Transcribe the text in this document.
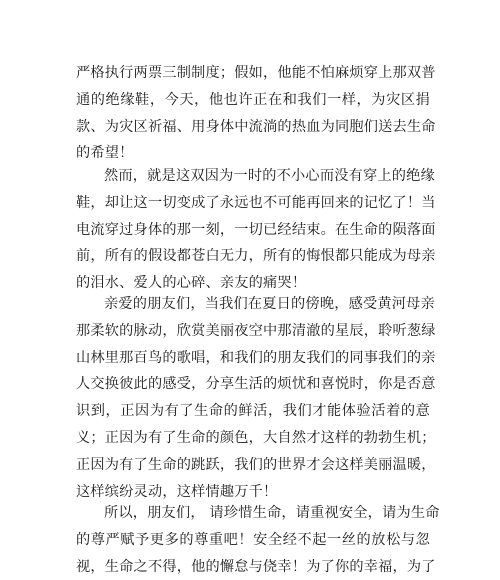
严格执行两票三制制度；假如，他能不怕麻烦穿上那双普
通的绝缘鞋，今天，他也许正在和我们一样，为灾区捐
款、为灾区祈福、用身体中流淌的热血为同胞们送去生命
的希望！
然而，就是这双因为一时的不小心而没有穿上的绝缘
鞋，却让这一切变成了永远也不可能再回来的记忆了！当
电流穿过身体的那一刻，一切已经结束。在生命的陨落面
前，所有的假设都苍白无力，所有的悔恨都只能成为母亲
的泪水、爱人的心碎、亲友的痛哭！
亲爱的朋友们，当我们在夏日的傍晚，感受黄河母亲
那柔软的脉动，欣赏美丽夜空中那清澈的星辰，聆听葱绿
山林里那百鸟的歌唱，和我们的朋友我们的同事我们的亲
人交换彼此的感受，分享生活的烦忧和喜悦时，你是否意
识到，正因为有了生命的鲜活，我们才能体验活着的意
义；正因为有了生命的颜色，大自然才这样的勃勃生机；
正因为有了生命的跳跃，我们的世界才会这样美丽温暖，
这样缤纷灵动，这样情趣万千！
所以，朋友们， 请珍惜生命，请重视安全，请为生命
的尊严赋予更多的尊重吧！安全经不起一丝的放松与忽
视，生命之不得，他的懈怠与侥幸！为了你的幸福，为了
